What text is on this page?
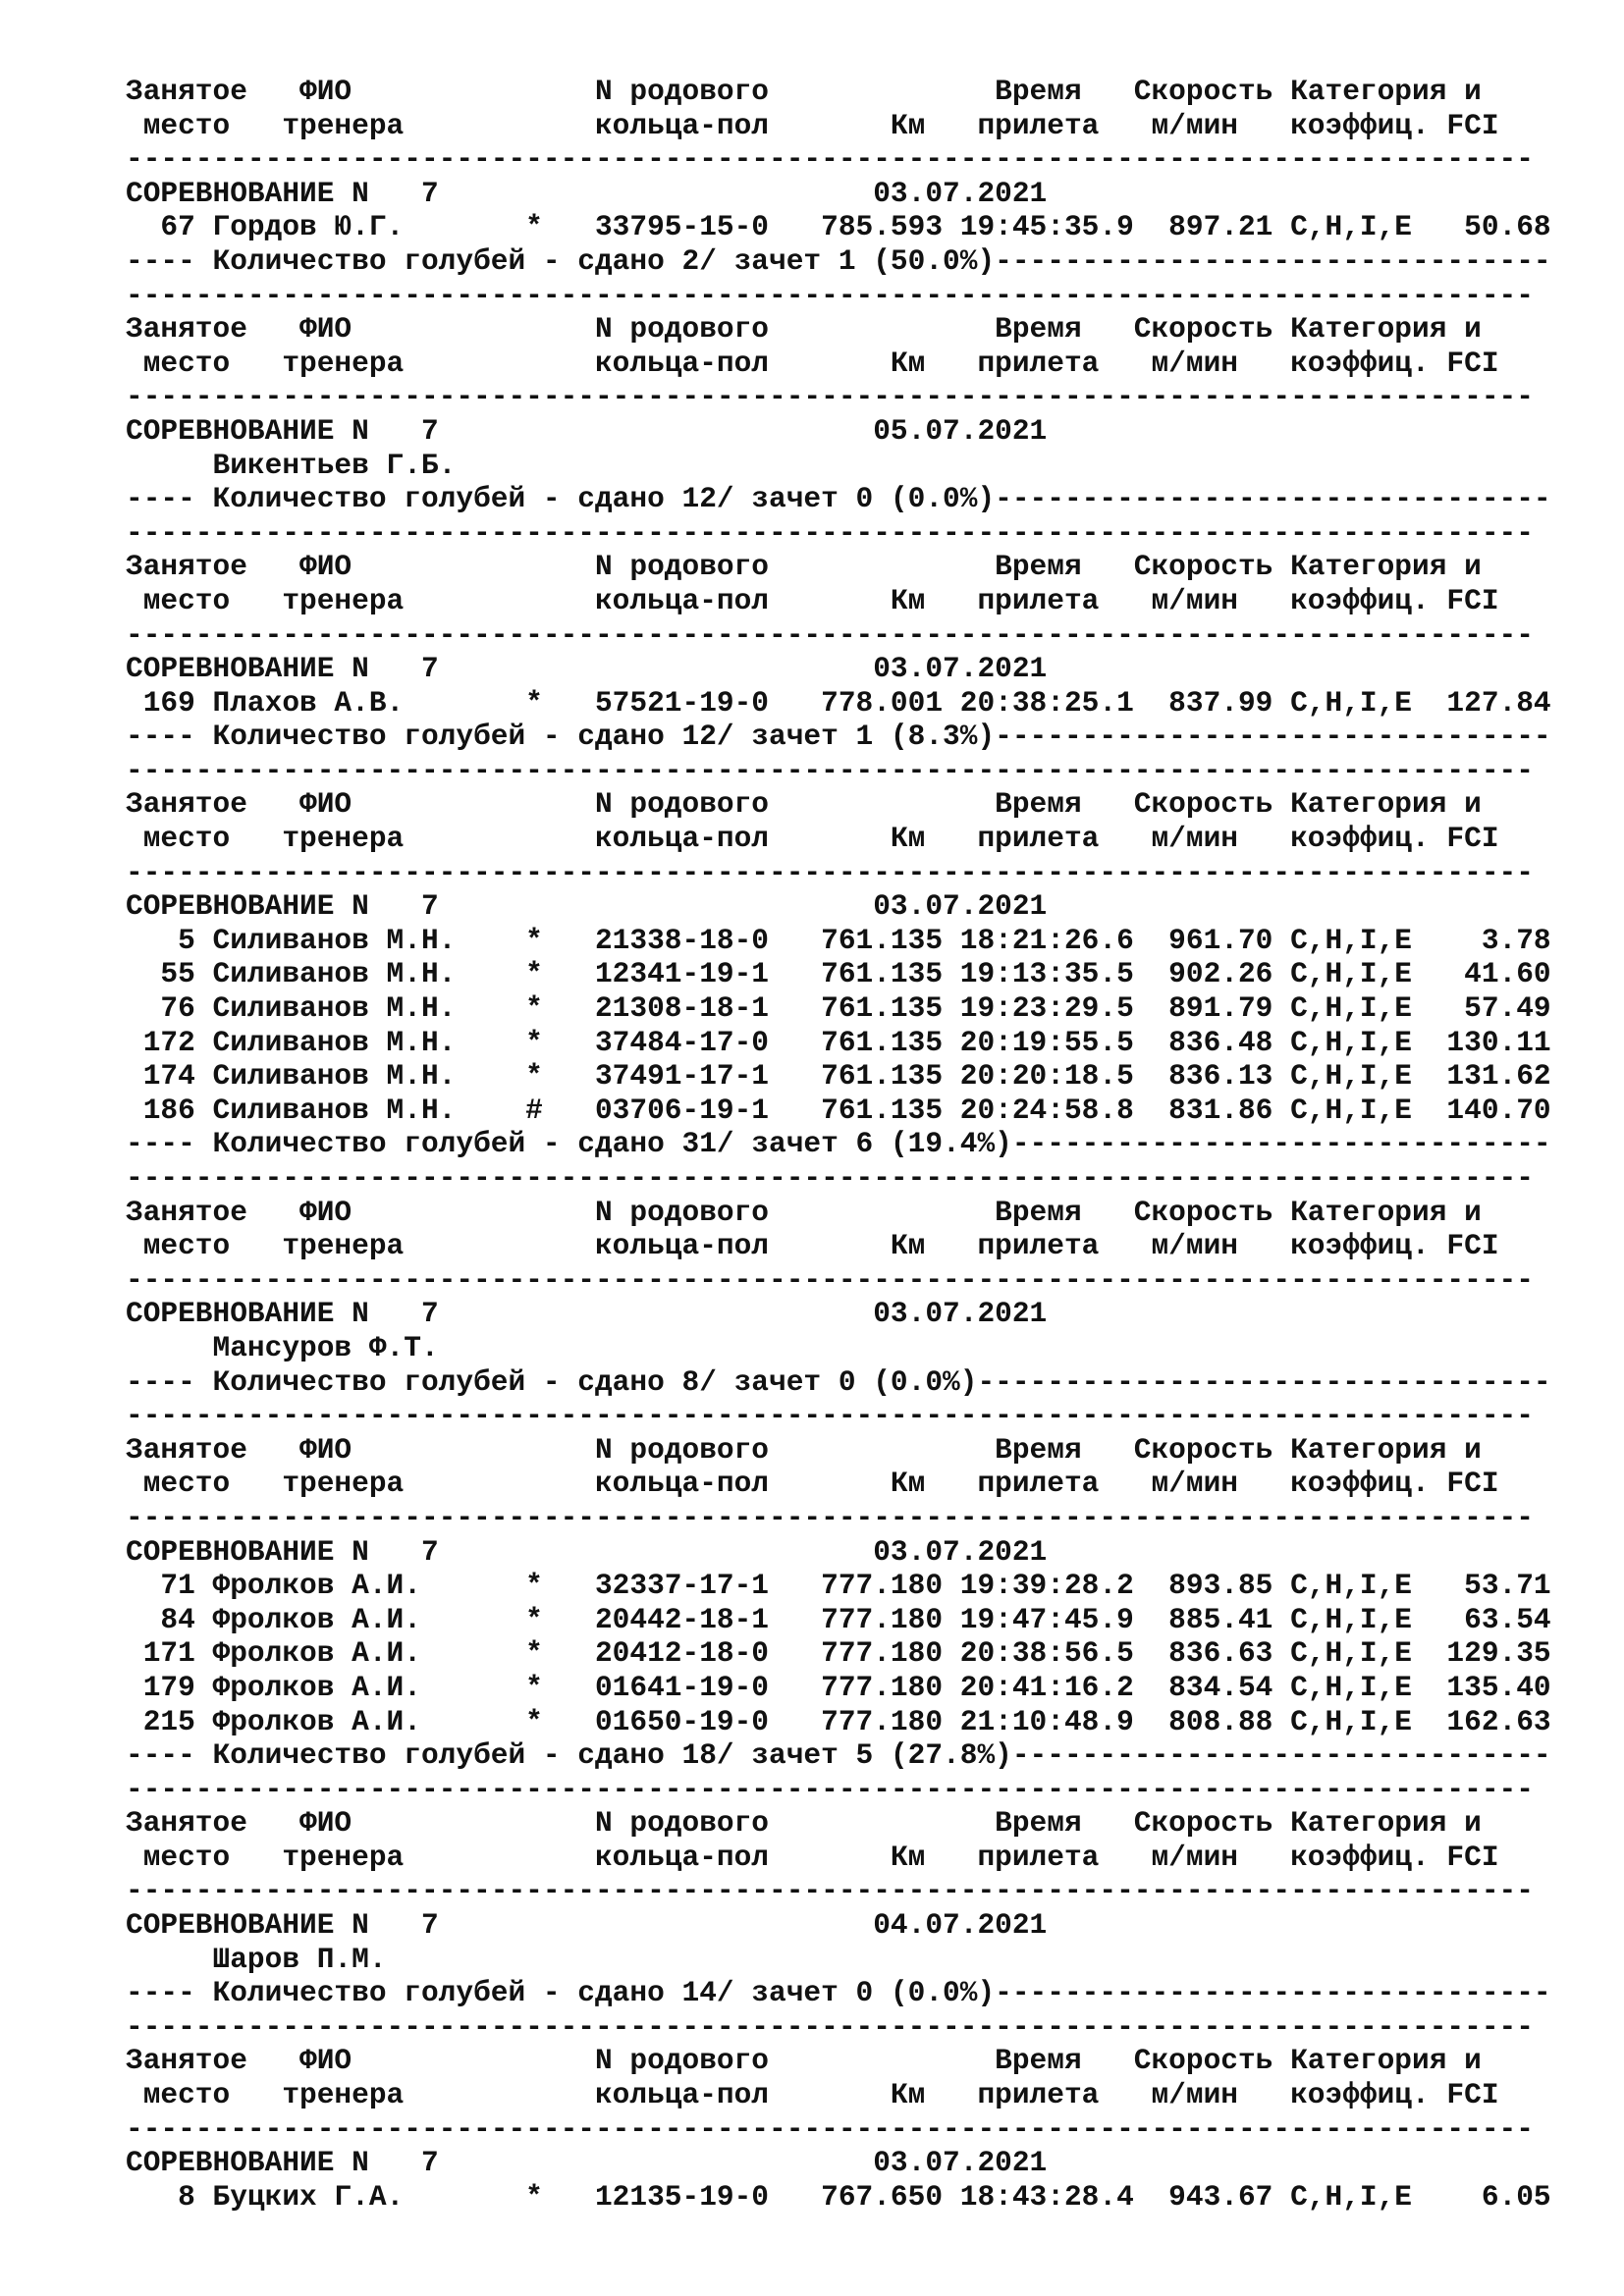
Занятое   ФИО              N родового             Время   Скорость Категория и
место   тренера           кольца-пол       Км   прилета   м/мин   коэффиц. FCI
---------------------------------------------------------------------------------
СОРЕВНОВАНИЕ N   7                         03.07.2021
67 Гордов Ю.Г.       *   33795-15-0   785.593 19:45:35.9  897.21 C,H,I,E   50.68
---- Количество голубей - сдано 2/ зачет 1 (50.0%)--------------------------------
---------------------------------------------------------------------------------
Занятое   ФИО              N родового             Время   Скорость Категория и
место   тренера           кольца-пол       Км   прилета   м/мин   коэффиц. FCI
---------------------------------------------------------------------------------
СОРЕВНОВАНИЕ N   7                         05.07.2021
Викентьев Г.Б.
---- Количество голубей - сдано 12/ зачет 0 (0.0%)--------------------------------
---------------------------------------------------------------------------------
Занятое   ФИО              N родового             Время   Скорость Категория и
место   тренера           кольца-пол       Км   прилета   м/мин   коэффиц. FCI
---------------------------------------------------------------------------------
СОРЕВНОВАНИЕ N   7                         03.07.2021
169 Плахов А.В.       *   57521-19-0   778.001 20:38:25.1  837.99 C,H,I,E  127.84
---- Количество голубей - сдано 12/ зачет 1 (8.3%)--------------------------------
---------------------------------------------------------------------------------
Занятое   ФИО              N родового             Время   Скорость Категория и
место   тренера           кольца-пол       Км   прилета   м/мин   коэффиц. FCI
---------------------------------------------------------------------------------
СОРЕВНОВАНИЕ N   7                         03.07.2021
5 Силиванов М.Н.    *   21338-18-0   761.135 18:21:26.6  961.70 C,H,I,E    3.78
55 Силиванов М.Н.    *   12341-19-1   761.135 19:13:35.5  902.26 C,H,I,E   41.60
76 Силиванов М.Н.    *   21308-18-1   761.135 19:23:29.5  891.79 C,H,I,E   57.49
172 Силиванов М.Н.    *   37484-17-0   761.135 20:19:55.5  836.48 C,H,I,E  130.11
174 Силиванов М.Н.    *   37491-17-1   761.135 20:20:18.5  836.13 C,H,I,E  131.62
186 Силиванов М.Н.    #   03706-19-1   761.135 20:24:58.8  831.86 C,H,I,E  140.70
---- Количество голубей - сдано 31/ зачет 6 (19.4%)-------------------------------
---------------------------------------------------------------------------------
Занятое   ФИО              N родового             Время   Скорость Категория и
место   тренера           кольца-пол       Км   прилета   м/мин   коэффиц. FCI
---------------------------------------------------------------------------------
СОРЕВНОВАНИЕ N   7                         03.07.2021
Мансуров Ф.Т.
---- Количество голубей - сдано 8/ зачет 0 (0.0%)---------------------------------
---------------------------------------------------------------------------------
Занятое   ФИО              N родового             Время   Скорость Категория и
место   тренера           кольца-пол       Км   прилета   м/мин   коэффиц. FCI
---------------------------------------------------------------------------------
СОРЕВНОВАНИЕ N   7                         03.07.2021
71 Фролков А.И.      *   32337-17-1   777.180 19:39:28.2  893.85 C,H,I,E   53.71
84 Фролков А.И.      *   20442-18-1   777.180 19:47:45.9  885.41 C,H,I,E   63.54
171 Фролков А.И.      *   20412-18-0   777.180 20:38:56.5  836.63 C,H,I,E  129.35
179 Фролков А.И.      *   01641-19-0   777.180 20:41:16.2  834.54 C,H,I,E  135.40
215 Фролков А.И.      *   01650-19-0   777.180 21:10:48.9  808.88 C,H,I,E  162.63
---- Количество голубей - сдано 18/ зачет 5 (27.8%)-------------------------------
---------------------------------------------------------------------------------
Занятое   ФИО              N родового             Время   Скорость Категория и
место   тренера           кольца-пол       Км   прилета   м/мин   коэффиц. FCI
---------------------------------------------------------------------------------
СОРЕВНОВАНИЕ N   7                         04.07.2021
Шаров П.М.
---- Количество голубей - сдано 14/ зачет 0 (0.0%)--------------------------------
---------------------------------------------------------------------------------
Занятое   ФИО              N родового             Время   Скорость Категория и
место   тренера           кольца-пол       Км   прилета   м/мин   коэффиц. FCI
---------------------------------------------------------------------------------
СОРЕВНОВАНИЕ N   7                         03.07.2021
8 Буцких Г.А.       *   12135-19-0   767.650 18:43:28.4  943.67 C,H,I,E    6.05
